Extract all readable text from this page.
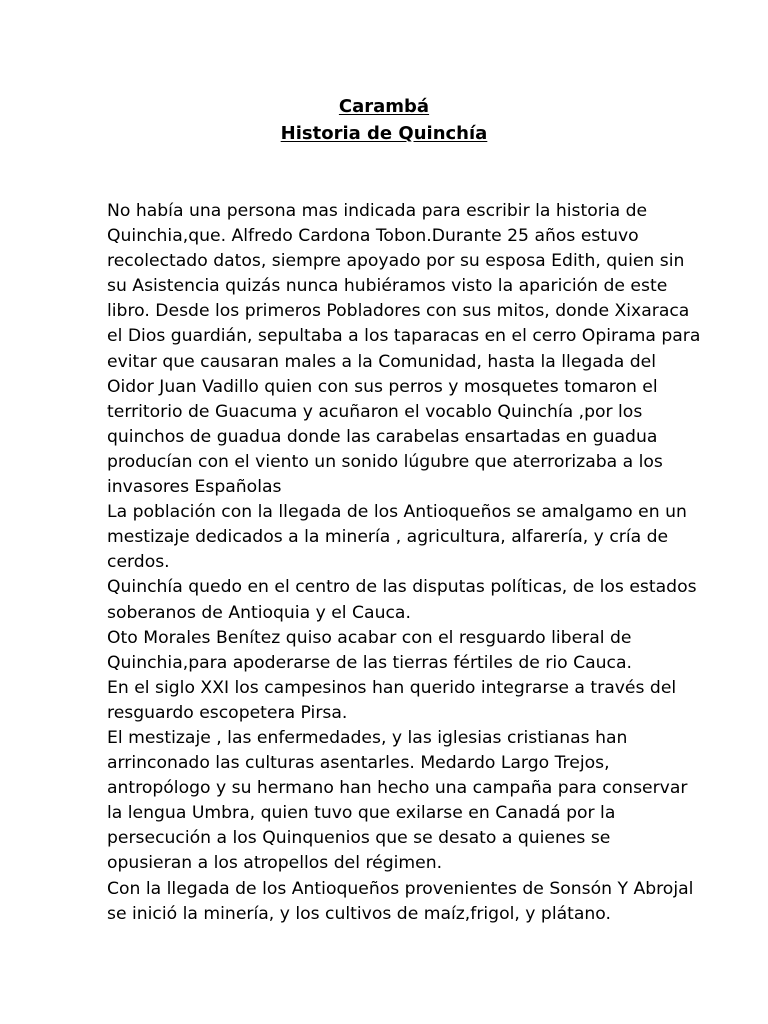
Carambá
Historia de Quinchía
No había una persona mas indicada para escribir la historia de
Quinchia,que. Alfredo Cardona Tobon.Durante 25 años estuvo
recolectado datos, siempre apoyado por su esposa Edith, quien sin
su Asistencia quizás nunca hubiéramos visto la aparición de este
libro. Desde los primeros Pobladores con sus mitos, donde Xixaraca
el Dios guardián, sepultaba a los taparacas en el cerro Opirama para
evitar que causaran males a la Comunidad, hasta la llegada del
Oidor Juan Vadillo quien con sus perros y mosquetes tomaron el
territorio de Guacuma y acuñaron el vocablo Quinchía ,por los
quinchos de guadua donde las carabelas ensartadas en guadua
producían con el viento un sonido lúgubre que aterrorizaba a los
invasores Españolas
La población con la llegada de los Antioqueños se amalgamo en un
mestizaje dedicados a la minería , agricultura, alfarería, y cría de
cerdos.
Quinchía quedo en el centro de las disputas políticas, de los estados
soberanos de Antioquia y el Cauca.
Oto Morales Benítez quiso acabar con el resguardo liberal de
Quinchia,para apoderarse de las tierras fértiles de rio Cauca.
En el siglo XXI los campesinos han querido integrarse a través del
resguardo escopetera Pirsa.
El mestizaje , las enfermedades, y las iglesias cristianas han
arrinconado las culturas asentarles. Medardo Largo Trejos,
antropólogo y su hermano han hecho una campaña para conservar
la lengua Umbra, quien tuvo que exilarse en Canadá por la
persecución a los Quinquenios que se desato a quienes se
opusieran a los atropellos del régimen.
Con la llegada de los Antioqueños provenientes de Sonsón Y Abrojal
se inició la minería, y los cultivos de maíz,frigol, y plátano.
